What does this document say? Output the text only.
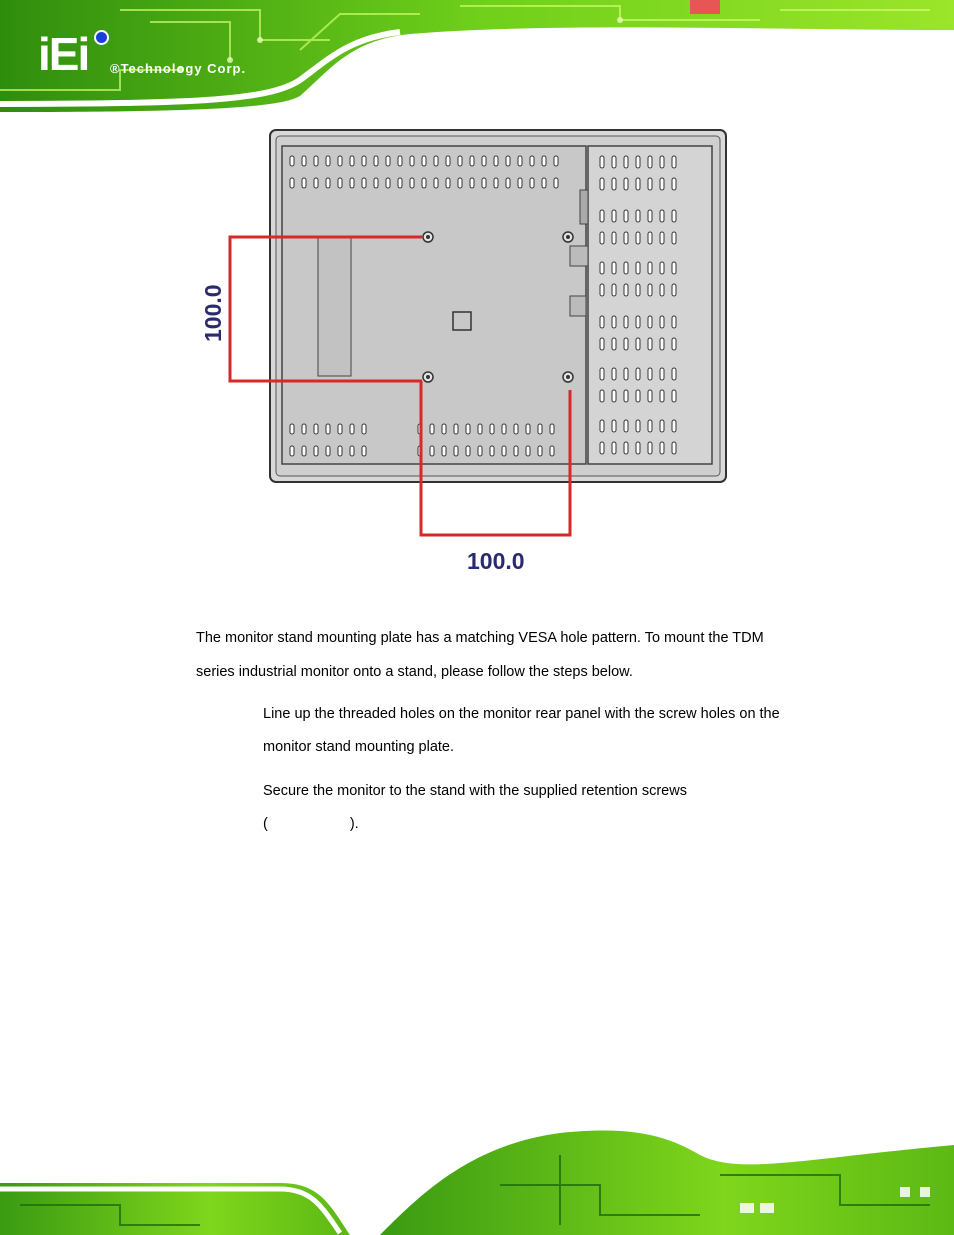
iEi	®Technology Corp.
100.0
100.0
The monitor stand mounting plate has a matching VESA hole pattern. To mount the TDM
series industrial monitor onto a stand, please follow the steps below.
Line up the threaded holes on the monitor rear panel with the screw holes on the
monitor stand mounting plate.
Secure the monitor to the stand with the supplied retention screws
(	).
